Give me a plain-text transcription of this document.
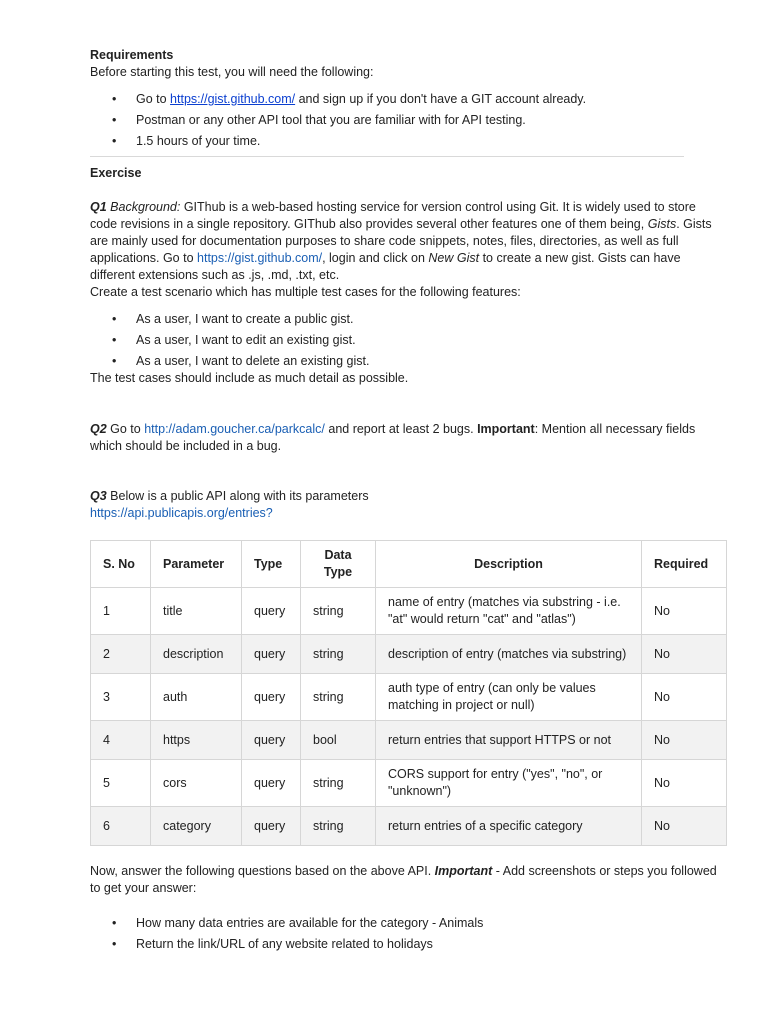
Requirements

Before starting this test, you will need the following:

• Go to https://gist.github.com/ and sign up if you don't have a GIT account already.
• Postman or any other API tool that you are familiar with for API testing.
• 1.5 hours of your time.
Exercise

Q1 Background: GIThub is a web-based hosting service for version control using Git. It is widely used to store code revisions in a single repository. GIThub also provides several other features one of them being, Gists. Gists are mainly used for documentation purposes to share code snippets, notes, files, directories, as well as full applications. Go to https://gist.github.com/, login and click on New Gist to create a new gist. Gists can have different extensions such as .js, .md, .txt, etc.

Create a test scenario which has multiple test cases for the following features:

• As a user, I want to create a public gist.
• As a user, I want to edit an existing gist.
• As a user, I want to delete an existing gist.

The test cases should include as much detail as possible.

Q2 Go to http://adam.goucher.ca/parkcalc/ and report at least 2 bugs. Important: Mention all necessary fields which should be included in a bug.

Q3 Below is a public API along with its parameters

https://api.publicapis.org/entries?

S. No	Parameter	Type	Data Type	Description	Required
1	title	query	string	name of entry (matches via substring - i.e. "at" would return "cat" and "atlas")	No
2	description	query	string	description of entry (matches via substring)	No
3	auth	query	string	auth type of entry (can only be values matching in project or null)	No
4	https	query	bool	return entries that support HTTPS or not	No
5	cors	query	string	CORS support for entry ("yes", "no", or "unknown")	No
6	category	query	string	return entries of a specific category	No

Now, answer the following questions based on the above API. Important - Add screenshots or steps you followed to get your answer:

• How many data entries are available for the category - Animals
• Return the link/URL of any website related to holidays
